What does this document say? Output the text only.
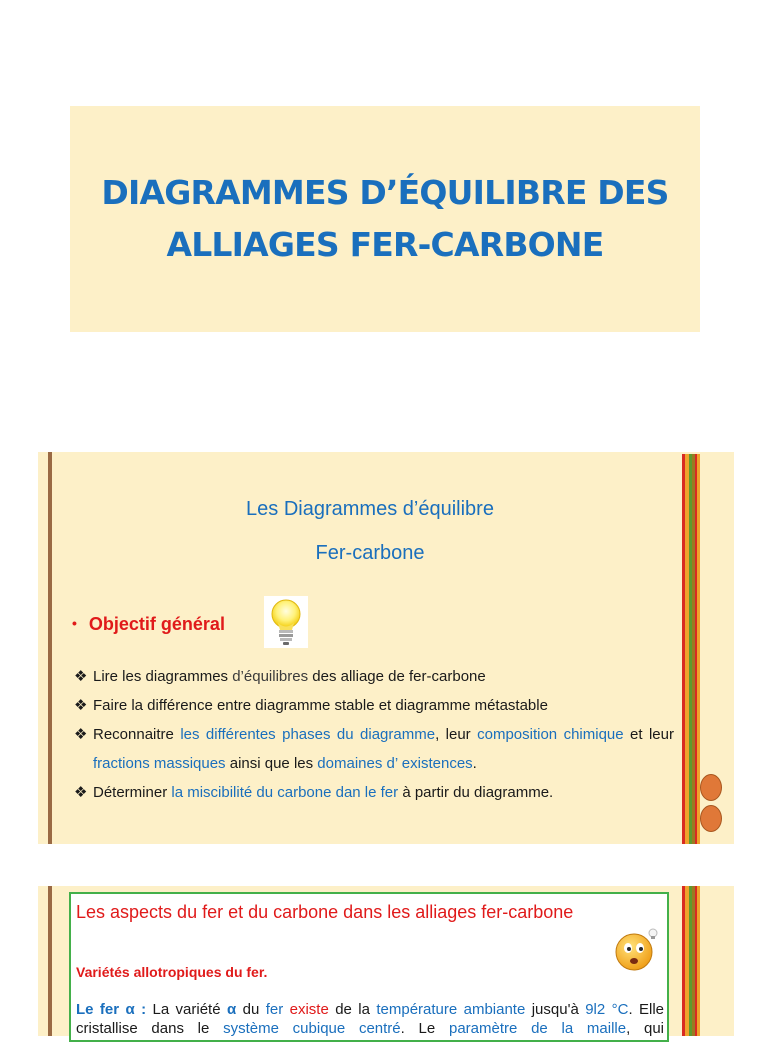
DIAGRAMMES D’ÉQUILIBRE DES
ALLIAGES FER-CARBONE
Les Diagrammes d’équilibre
Fer-carbone
• Objectif général
❖ Lire les diagrammes d’équilibres des alliage de fer-carbone
❖ Faire la différence entre diagramme stable et diagramme métastable
❖ Reconnaitre les différentes phases du diagramme, leur composition chimique et leur fractions massiques ainsi que les domaines d’ existences.
❖ Déterminer la miscibilité du carbone dan le fer à partir du diagramme.
Les aspects du fer et du carbone dans les alliages fer-carbone
Variétés allotropiques du fer.
Le fer α : La variété α du fer existe de la température ambiante jusqu'à 9l2 °C. Elle cristallise dans le système cubique centré. Le paramètre de la maille, qui
